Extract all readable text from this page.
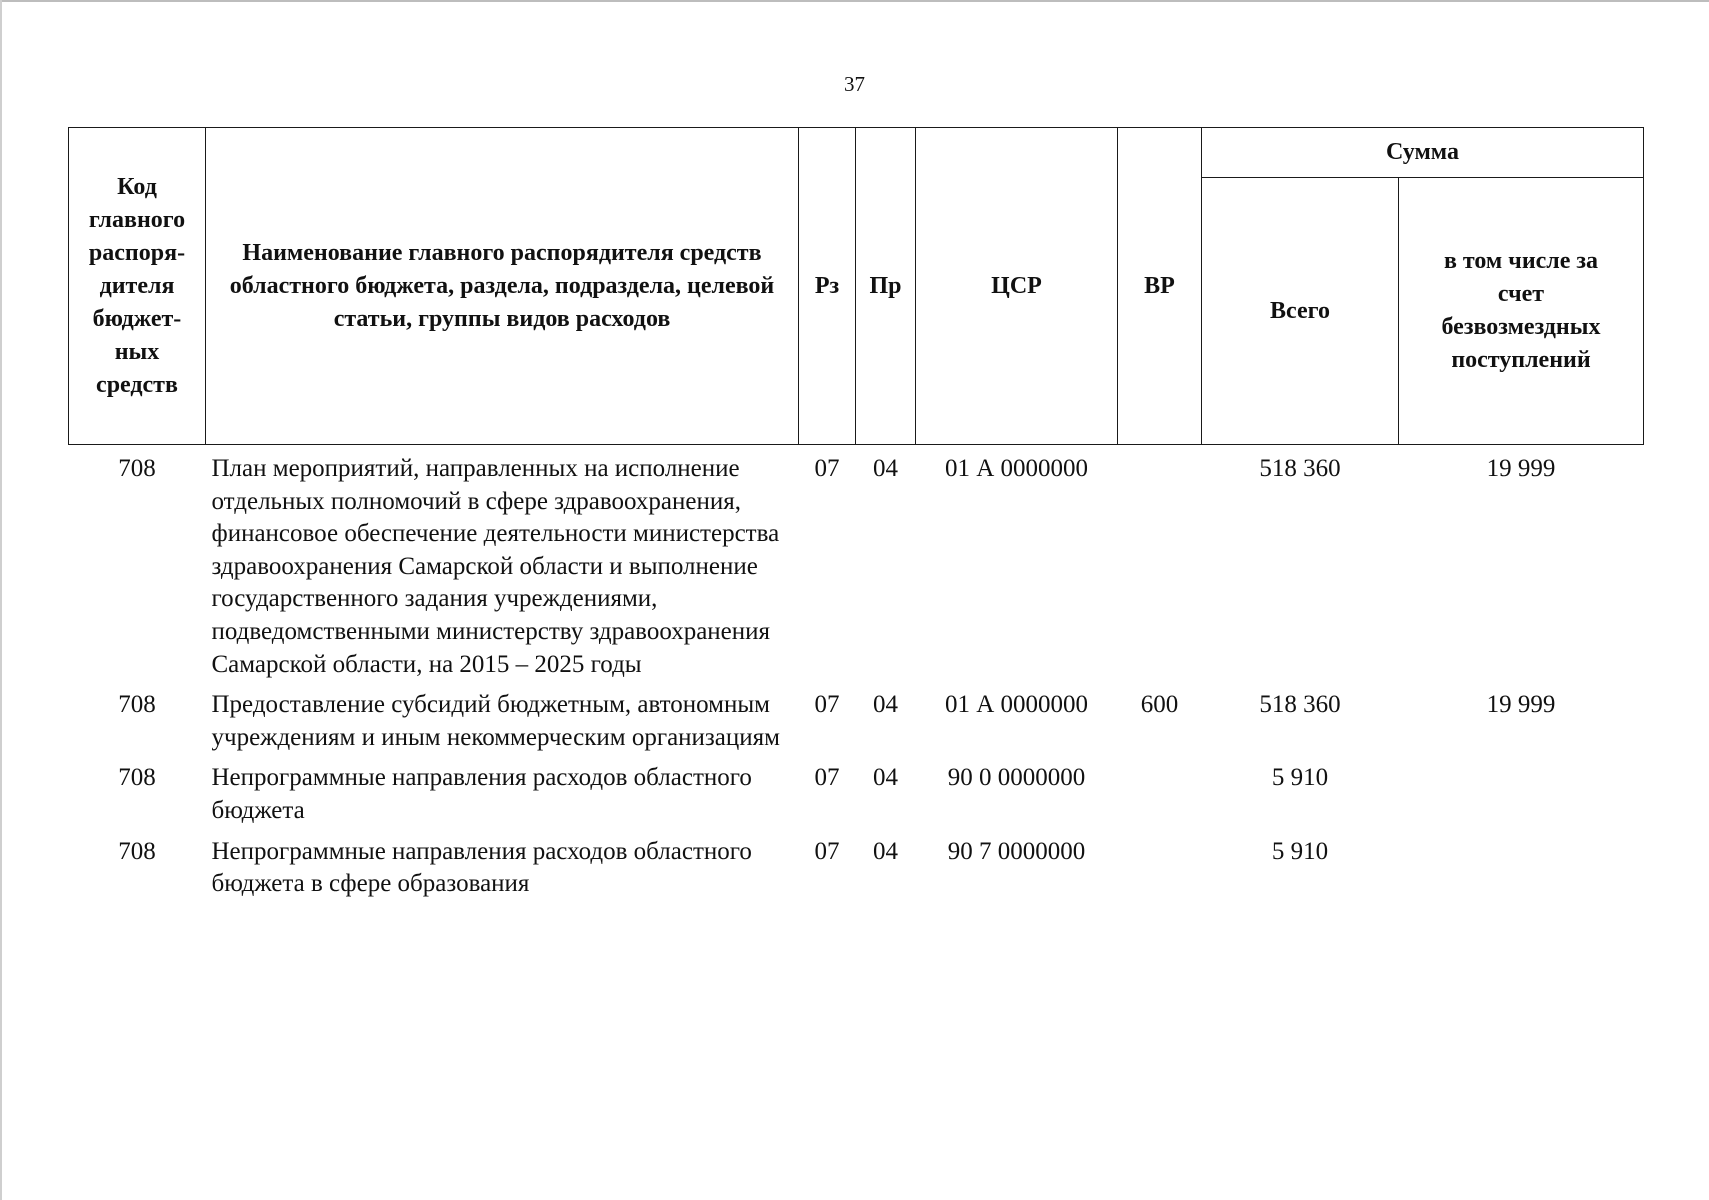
37
Код главного распоря- дителя бюджет- ных средств	Наименование главного распорядителя средств областного бюджета, раздела, подраздела, целевой статьи, группы видов расходов	Рз	Пр	ЦСР	ВР	Сумма	
						Всего	в том числе за счет безвозмездных поступлений
708	План мероприятий, направленных на исполнение отдельных полномочий в сфере здравоохранения, финансовое обеспечение деятельности министерства здравоохранения Самарской области и выполнение государственного задания учреждениями, подведомственными министерству здравоохранения Самарской области, на 2015 – 2025 годы	07	04	01 А 0000000		518 360	19 999
708	Предоставление субсидий бюджетным, автономным учреждениям и иным некоммерческим организациям	07	04	01 А 0000000	600	518 360	19 999
708	Непрограммные направления расходов областного бюджета	07	04	90 0 0000000		5 910	
708	Непрограммные направления расходов областного бюджета в сфере образования	07	04	90 7 0000000		5 910	
